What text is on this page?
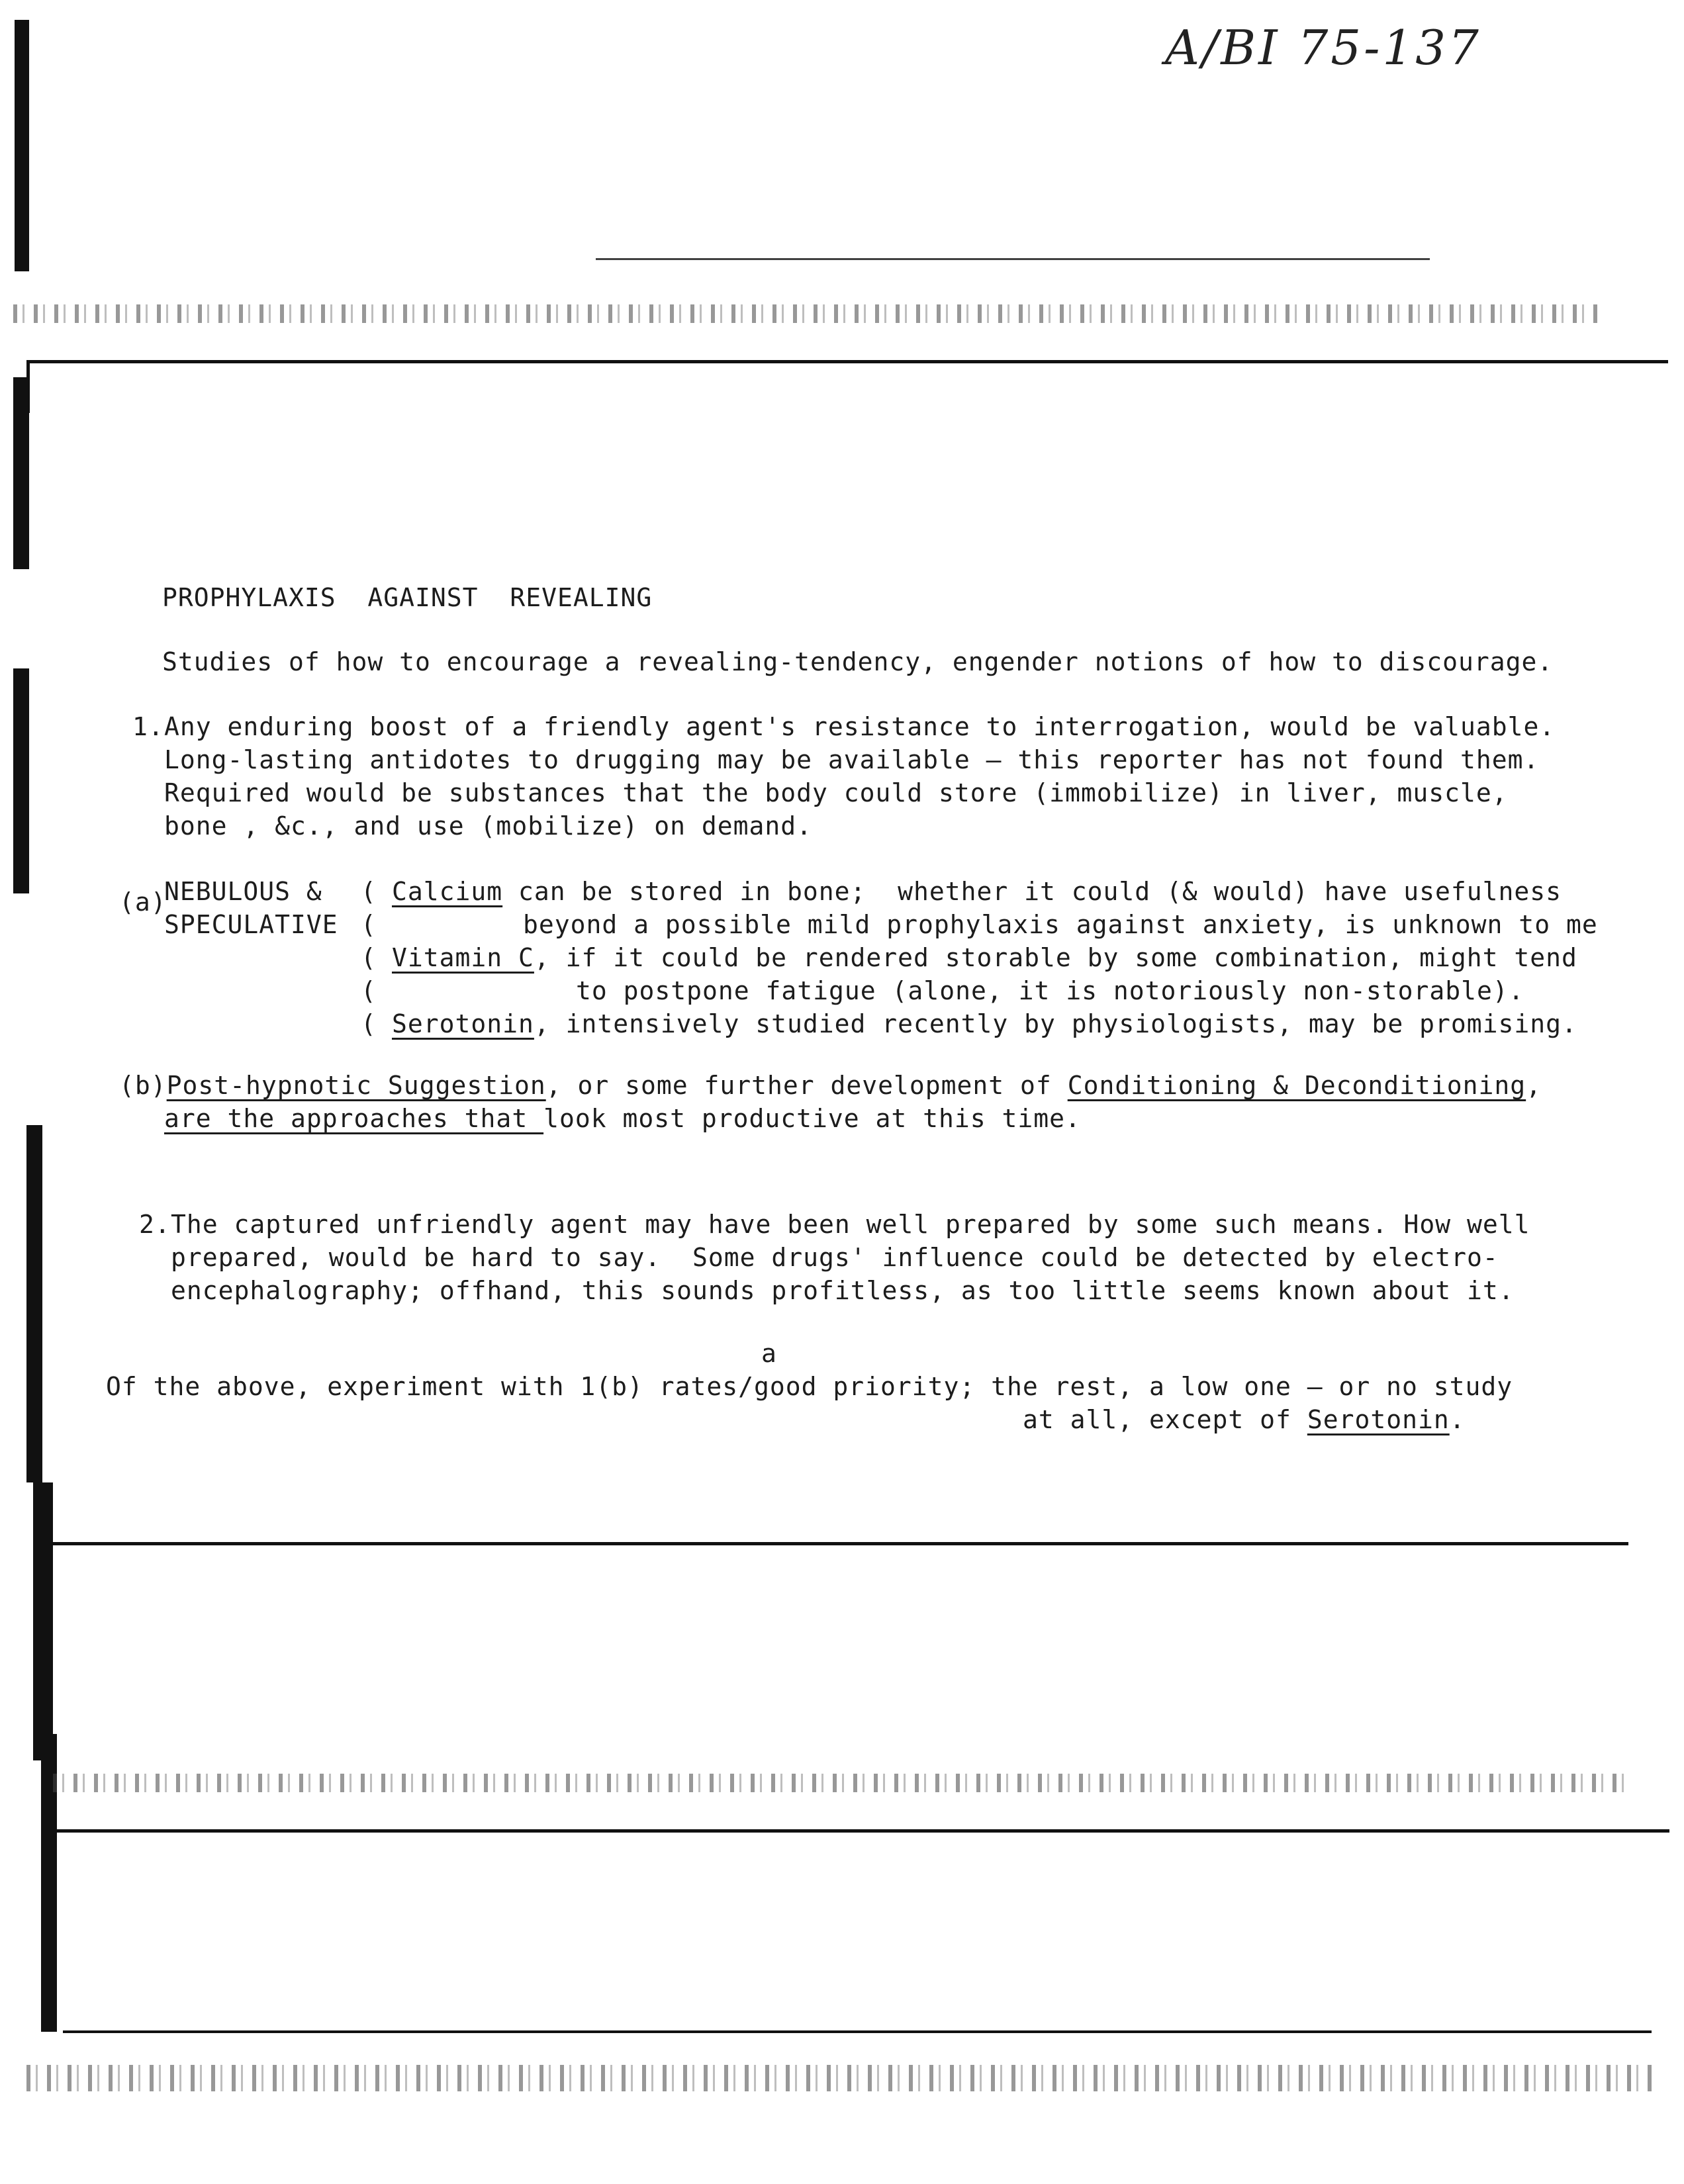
A/BI 75-137
PROPHYLAXIS  AGAINST  REVEALING
Studies of how to encourage a revealing-tendency, engender notions of how to discourage.
1. Any enduring boost of a friendly agent's resistance to interrogation, would be valuable.
Long-lasting antidotes to drugging may be available — this reporter has not found them.
Required would be substances that the body could store (immobilize) in liver, muscle,
bone , &c., and use (mobilize) on demand.
(a)
NEBULOUS &
SPECULATIVE
(
(
(
(
(
Calcium can be stored in bone;  whether it could (& would) have usefulness
beyond a possible mild prophylaxis against anxiety, is unknown to me
Vitamin C, if it could be rendered storable by some combination, might tend
to postpone fatigue (alone, it is notoriously non-storable).
Serotonin, intensively studied recently by physiologists, may be promising.
(b)Post-hypnotic Suggestion, or some further development of Conditioning & Deconditioning,
are the approaches that look most productive at this time.
2. The captured unfriendly agent may have been well prepared by some such means. How well
prepared, would be hard to say.  Some drugs' influence could be detected by electro-
encephalography; offhand, this sounds profitless, as too little seems known about it.
a
Of the above, experiment with 1(b) rates/good priority; the rest, a low one — or no study
at all, except of Serotonin.
